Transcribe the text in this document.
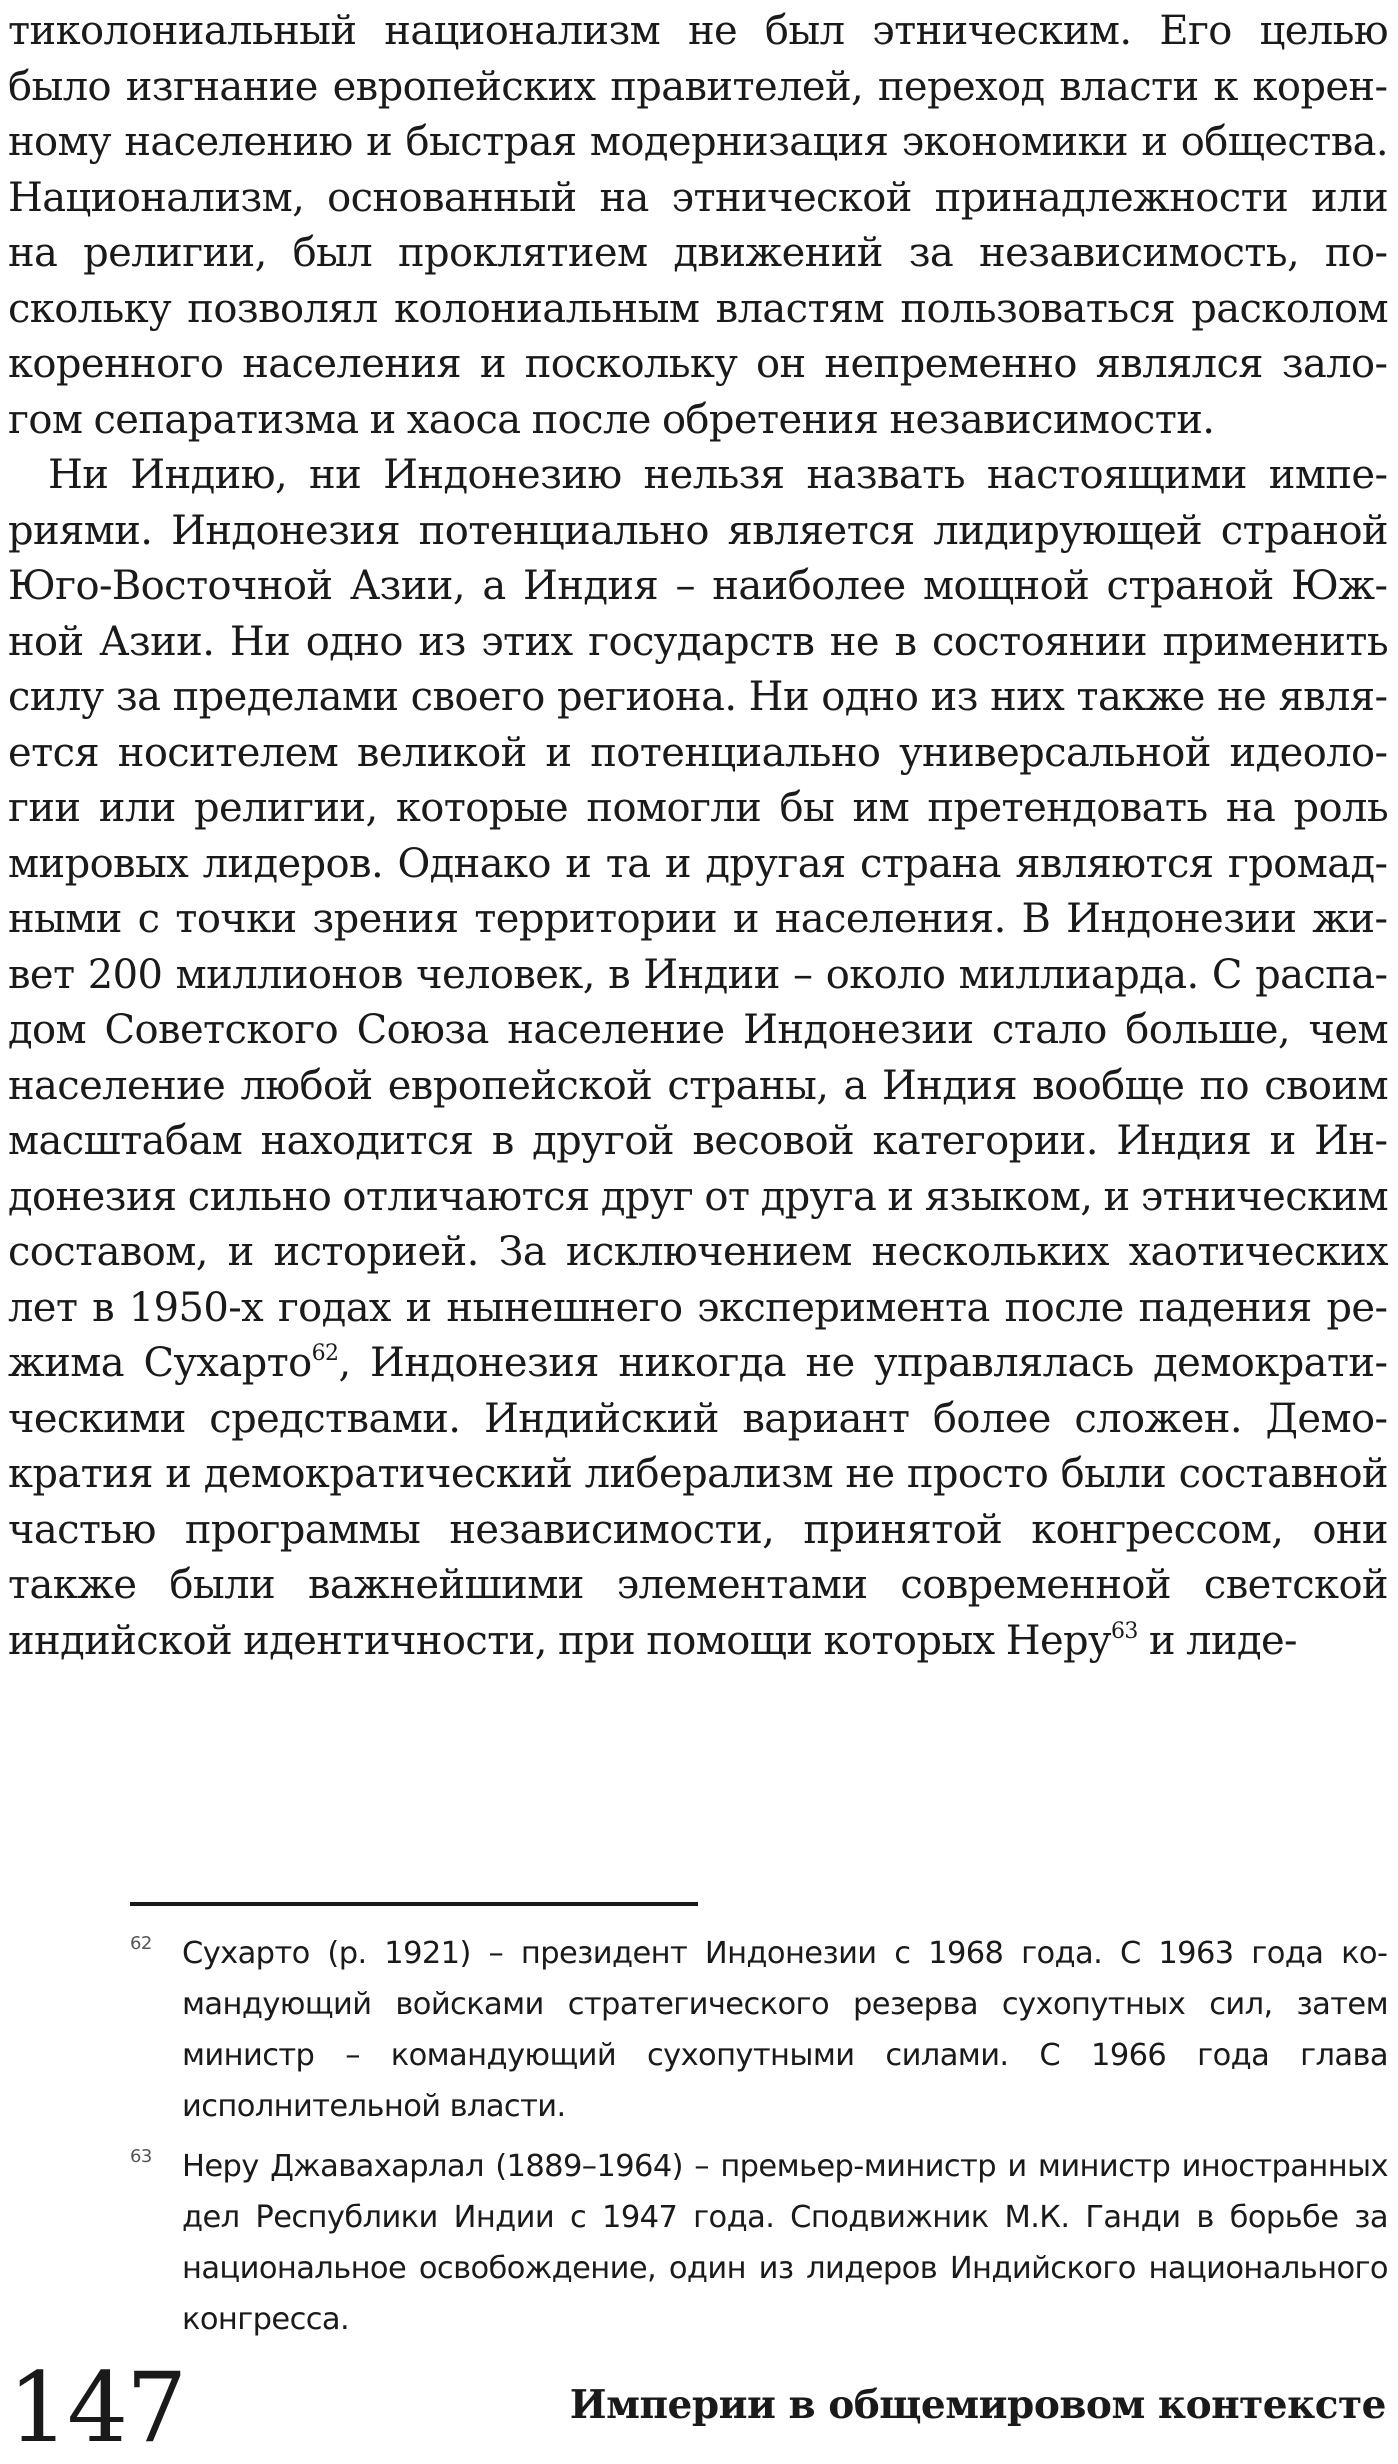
тиколониальный национализм не был этническим. Его целью было изгнание европейских правителей, переход власти к коренному населению и быстрая модернизация экономики и общества. Национализм, основанный на этнической принадлежности или на религии, был проклятием движений за независимость, поскольку позволял колониальным властям пользоваться расколом коренного населения и поскольку он непременно являлся залогом сепаратизма и хаоса после обретения независимости.

Ни Индию, ни Индонезию нельзя назвать настоящими империями. Индонезия потенциально является лидирующей страной Юго-Восточной Азии, а Индия – наиболее мощной страной Южной Азии. Ни одно из этих государств не в состоянии применить силу за пределами своего региона. Ни одно из них также не является носителем великой и потенциально универсальной идеологии или религии, которые помогли бы им претендовать на роль мировых лидеров. Однако и та и другая страна являются громадными с точки зрения территории и населения. В Индонезии живет 200 миллионов человек, в Индии – около миллиарда. С распадом Советского Союза население Индонезии стало больше, чем население любой европейской страны, а Индия вообще по своим масштабам находится в другой весовой категории. Индия и Индонезия сильно отличаются друг от друга и языком, и этническим составом, и историей. За исключением нескольких хаотических лет в 1950-х годах и нынешнего эксперимента после падения режима Сухарто$^{62}$, Индонезия никогда не управлялась демократическими средствами. Индийский вариант более сложен. Демократия и демократический либерализм не просто были составной частью программы независимости, принятой конгрессом, они также были важнейшими элементами современной светской индийской идентичности, при помощи которых Неру$^{63}$ и лиде-

62 Сухарто (р. 1921) – президент Индонезии с 1968 года. С 1963 года командующий войсками стратегического резерва сухопутных сил, затем министр – командующий сухопутными силами. С 1966 года глава исполнительной власти.
63 Неру Джавахарлал (1889–1964) – премьер-министр и министр иностранных дел Республики Индии с 1947 года. Сподвижник М.К. Ганди в борьбе за национальное освобождение, один из лидеров Индийского национального конгресса.
147	Империи в общемировом контексте
